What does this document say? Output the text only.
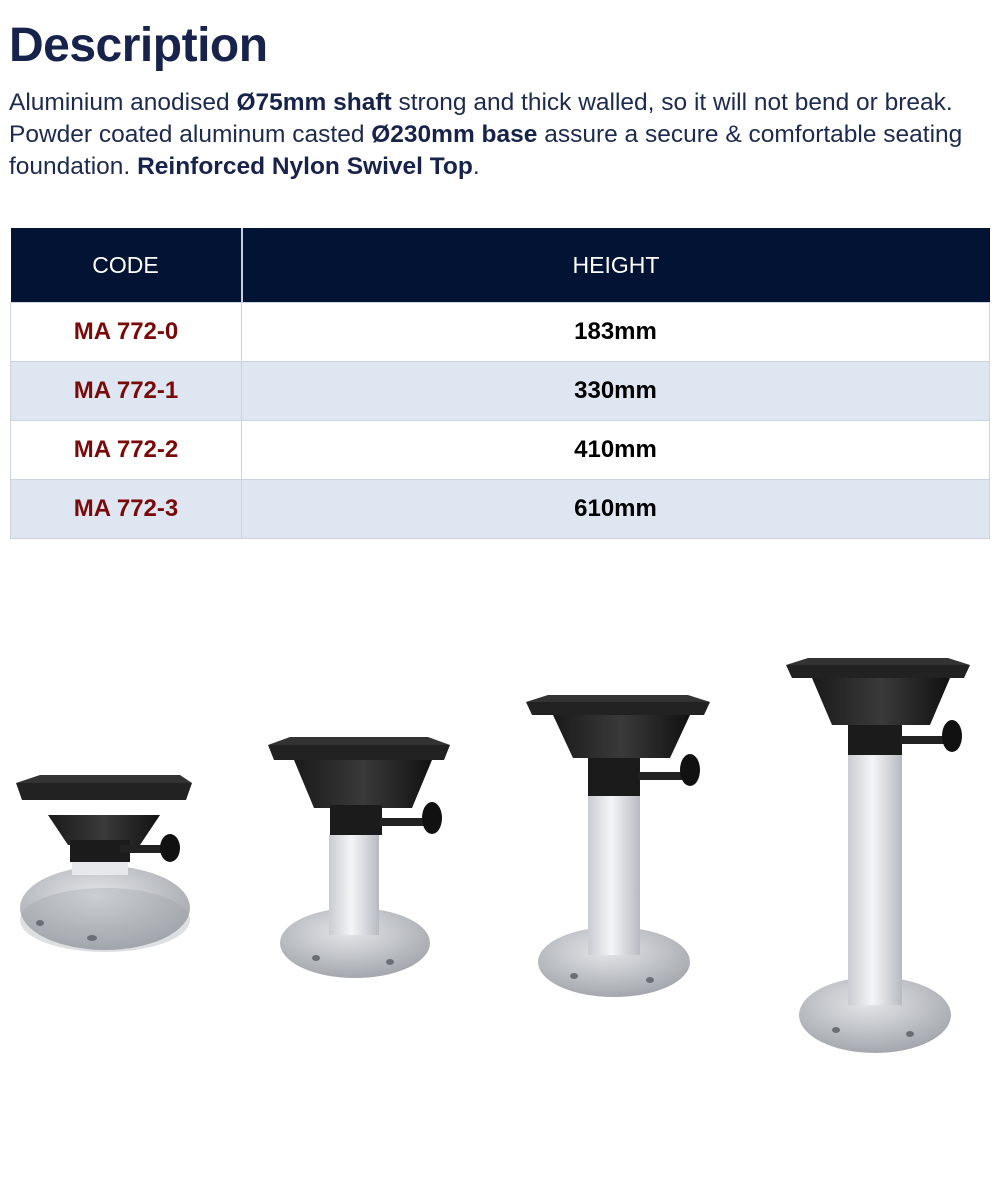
Description
Aluminium anodised Ø75mm shaft strong and thick walled, so it will not bend or break. Powder coated aluminum casted Ø230mm base assure a secure & comfortable seating foundation. Reinforced Nylon Swivel Top.
CODE	HEIGHT
MA 772-0	183mm
MA 772-1	330mm
MA 772-2	410mm
MA 772-3	610mm
